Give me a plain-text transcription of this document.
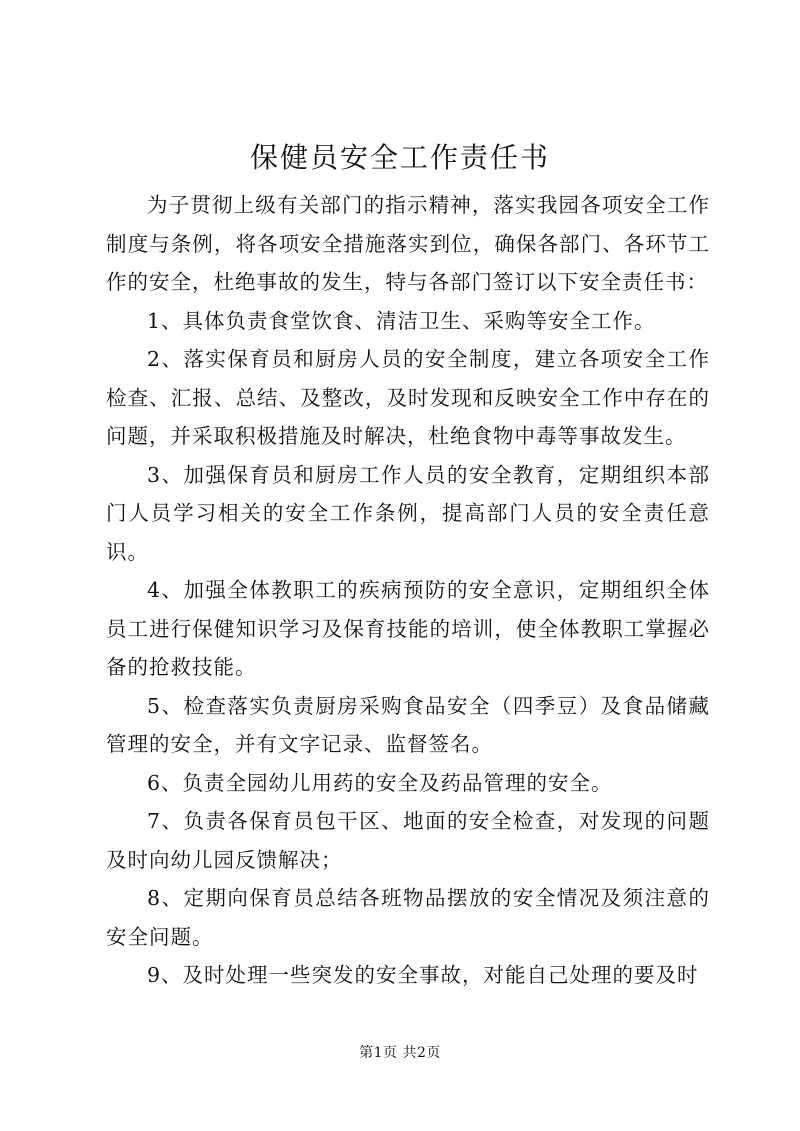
保健员安全工作责任书

为子贯彻上级有关部门的指示精神，落实我园各项安全工作制度与条例，将各项安全措施落实到位，确保各部门、各环节工作的安全，杜绝事故的发生，特与各部门签订以下安全责任书：

1、具体负责食堂饮食、清洁卫生、采购等安全工作。

2、落实保育员和厨房人员的安全制度，建立各项安全工作检查、汇报、总结、及整改，及时发现和反映安全工作中存在的问题，并采取积极措施及时解决，杜绝食物中毒等事故发生。

3、加强保育员和厨房工作人员的安全教育，定期组织本部门人员学习相关的安全工作条例，提高部门人员的安全责任意识。

4、加强全体教职工的疾病预防的安全意识，定期组织全体员工进行保健知识学习及保育技能的培训，使全体教职工掌握必备的抢救技能。

5、检查落实负责厨房采购食品安全（四季豆）及食品储藏管理的安全，并有文字记录、监督签名。

6、负责全园幼儿用药的安全及药品管理的安全。

7、负责各保育员包干区、地面的安全检查，对发现的问题及时向幼儿园反馈解决；

8、定期向保育员总结各班物品摆放的安全情况及须注意的安全问题。

9、及时处理一些突发的安全事故，对能自己处理的要及时

第1页 共2页
